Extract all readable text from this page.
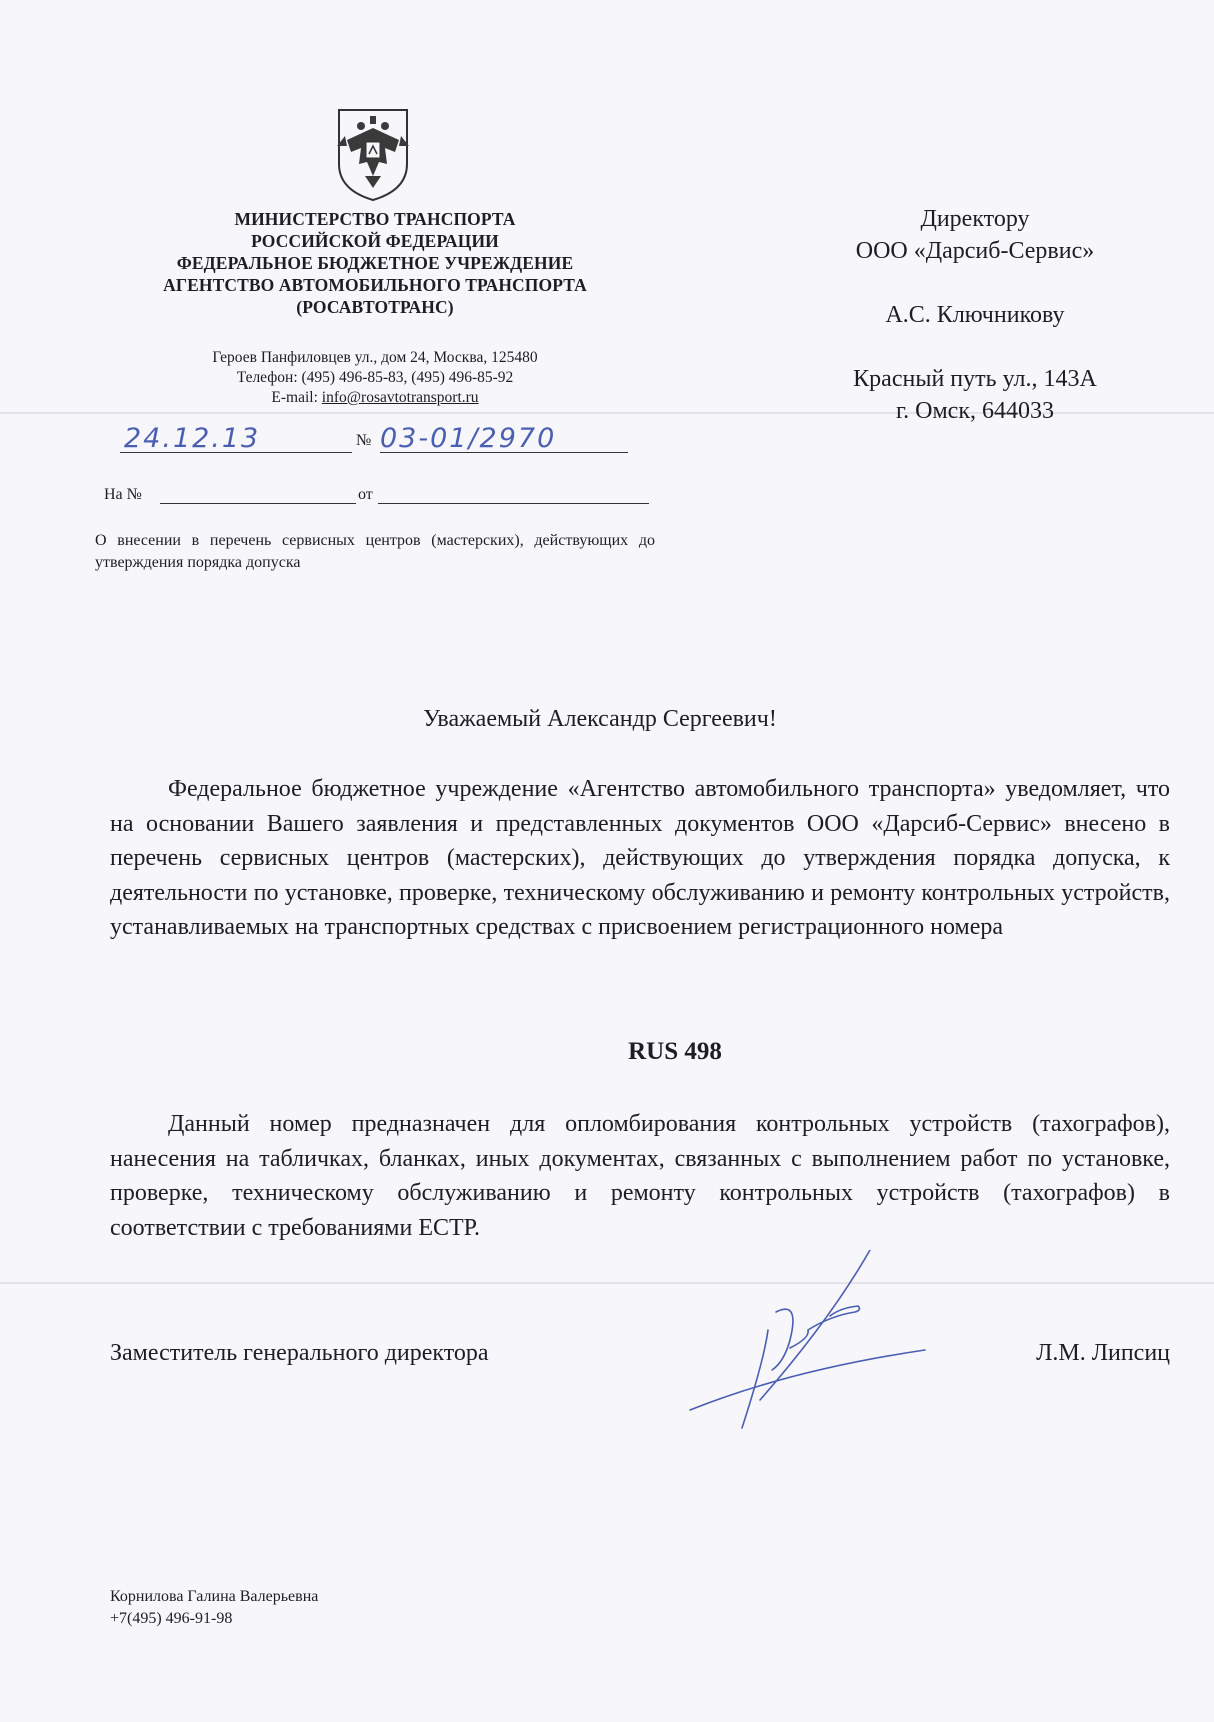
МИНИСТЕРСТВО ТРАНСПОРТА
РОССИЙСКОЙ ФЕДЕРАЦИИ
ФЕДЕРАЛЬНОЕ БЮДЖЕТНОЕ УЧРЕЖДЕНИЕ
АГЕНТСТВО АВТОМОБИЛЬНОГО ТРАНСПОРТА
(РОСАВТОТРАНС)
Героев Панфиловцев ул., дом 24, Москва, 125480
Телефон: (495) 496-85-83, (495) 496-85-92
E-mail: info@rosavtotransport.ru
24.12.13	№ 03-01/2970
На №	от
О внесении в перечень сервисных центров (мастерских), действующих до утверждения порядка допуска
Директору
ООО «Дарсиб-Сервис»
А.С. Ключникову
Красный путь ул., 143А
г. Омск, 644033
Уважаемый Александр Сергеевич!
Федеральное бюджетное учреждение «Агентство автомобильного транспорта» уведомляет, что на основании Вашего заявления и представленных документов ООО «Дарсиб-Сервис» внесено в перечень сервисных центров (мастерских), действующих до утверждения порядка допуска, к деятельности по установке, проверке, техническому обслуживанию и ремонту контрольных устройств, устанавливаемых на транспортных средствах с присвоением регистрационного номера
RUS 498
Данный номер предназначен для опломбирования контрольных устройств (тахографов), нанесения на табличках, бланках, иных документах, связанных с выполнением работ по установке, проверке, техническому обслуживанию и ремонту контрольных устройств (тахографов) в соответствии с требованиями ЕСТР.
Заместитель генерального директора	Л.М. Липсиц
Корнилова Галина Валерьевна
+7(495) 496-91-98
